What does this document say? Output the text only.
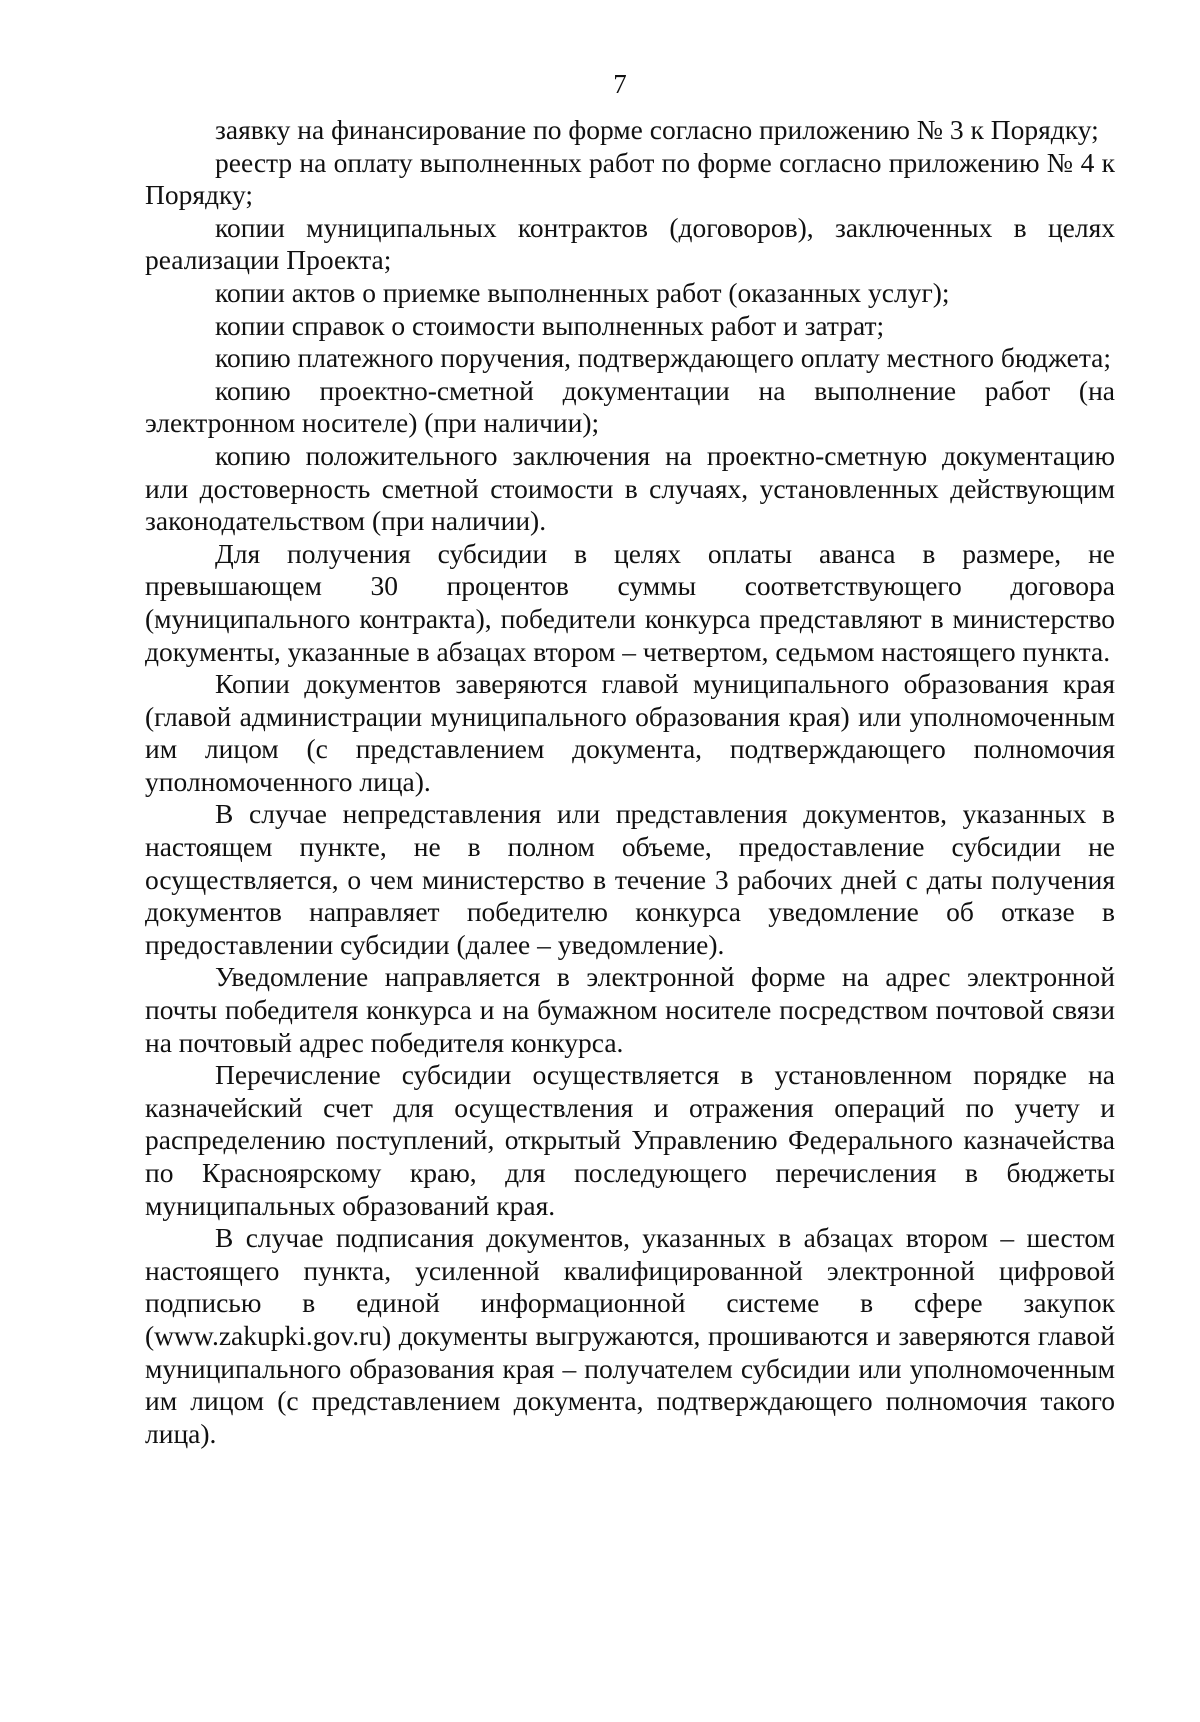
7

заявку на финансирование по форме согласно приложению № 3 к Порядку;

реестр на оплату выполненных работ по форме согласно приложению № 4 к Порядку;

копии муниципальных контрактов (договоров), заключенных в целях реализации Проекта;

копии актов о приемке выполненных работ (оказанных услуг);

копии справок о стоимости выполненных работ и затрат;

копию платежного поручения, подтверждающего оплату местного бюджета;

копию проектно-сметной документации на выполнение работ (на электронном носителе) (при наличии);

копию положительного заключения на проектно-сметную документацию или достоверность сметной стоимости в случаях, установленных действующим законодательством (при наличии).

Для получения субсидии в целях оплаты аванса в размере, не превышающем 30 процентов суммы соответствующего договора (муниципального контракта), победители конкурса представляют в министерство документы, указанные в абзацах втором – четвертом, седьмом настоящего пункта.

Копии документов заверяются главой муниципального образования края (главой администрации муниципального образования края) или уполномоченным им лицом (с представлением документа, подтверждающего полномочия уполномоченного лица).

В случае непредставления или представления документов, указанных в настоящем пункте, не в полном объеме, предоставление субсидии не осуществляется, о чем министерство в течение 3 рабочих дней с даты получения документов направляет победителю конкурса уведомление об отказе в предоставлении субсидии (далее – уведомление).

Уведомление направляется в электронной форме на адрес электронной почты победителя конкурса и на бумажном носителе посредством почтовой связи на почтовый адрес победителя конкурса.

Перечисление субсидии осуществляется в установленном порядке на казначейский счет для осуществления и отражения операций по учету и распределению поступлений, открытый Управлению Федерального казначейства по Красноярскому краю, для последующего перечисления в бюджеты муниципальных образований края.

В случае подписания документов, указанных в абзацах втором – шестом настоящего пункта, усиленной квалифицированной электронной цифровой подписью в единой информационной системе в сфере закупок (www.zakupki.gov.ru) документы выгружаются, прошиваются и заверяются главой муниципального образования края – получателем субсидии или уполномоченным им лицом (с представлением документа, подтверждающего полномочия такого лица).
